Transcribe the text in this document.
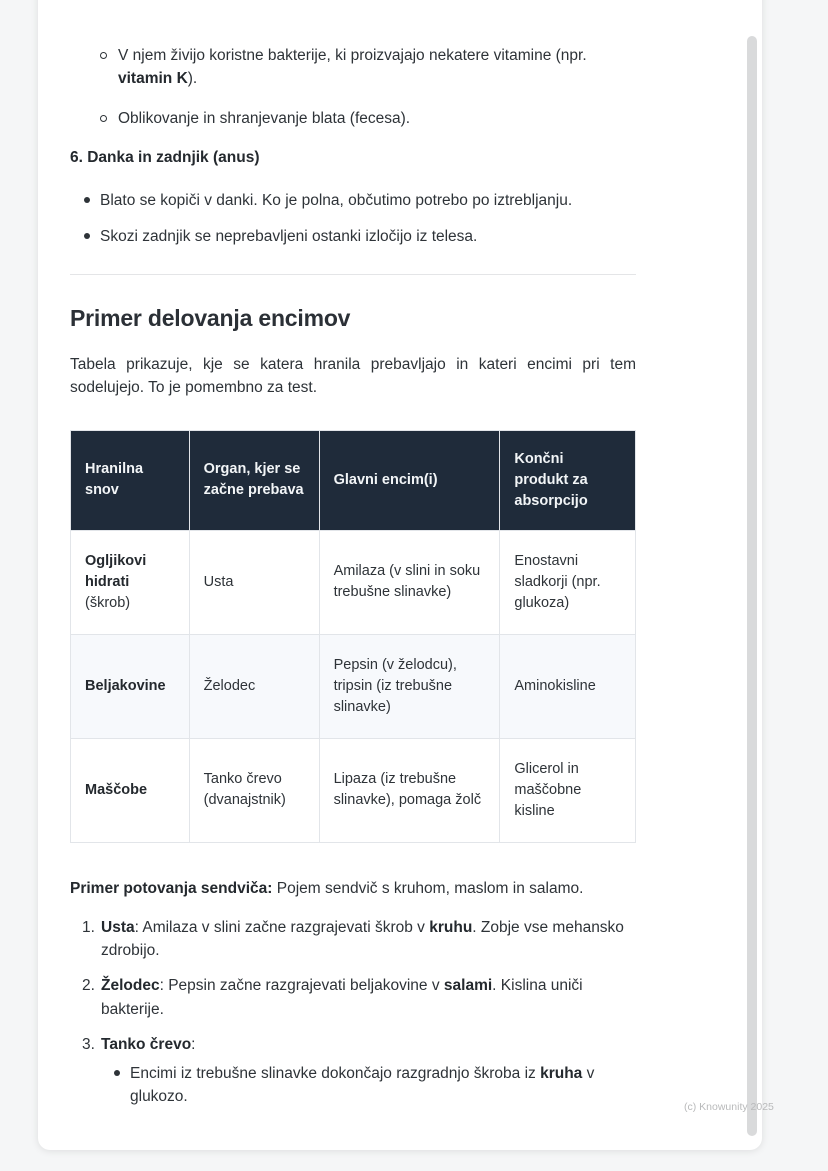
V njem živijo koristne bakterije, ki proizvajajo nekatere vitamine (npr. vitamin K).
Oblikovanje in shranjevanje blata (fecesa).
6. Danka in zadnjik (anus)
Blato se kopiči v danki. Ko je polna, občutimo potrebo po iztrebljanju.
Skozi zadnjik se neprebavljeni ostanki izločijo iz telesa.
Primer delovanja encimov

Tabela prikazuje, kje se katera hranila prebavljajo in kateri encimi pri tem sodelujejo. To je pomembno za test.

Hranilna snov	Organ, kjer se začne prebava	Glavni encim(i)	Končni produkt za absorpcijo
Ogljikovi hidrati (škrob)	Usta	Amilaza (v slini in soku trebušne slinavke)	Enostavni sladkorji (npr. glukoza)
Beljakovine	Želodec	Pepsin (v želodcu), tripsin (iz trebušne slinavke)	Aminokisline
Maščobe	Tanko črevo (dvanajstnik)	Lipaza (iz trebušne slinavke), pomaga žolč	Glicerol in maščobne kisline

Primer potovanja sendviča: Pojem sendvič s kruhom, maslom in salamo.

Usta: Amilaza v slini začne razgrajevati škrob v kruhu. Zobje vse mehansko zdrobijo.
Želodec: Pepsin začne razgrajevati beljakovine v salami. Kislina uniči bakterije.
Tanko črevo:
Encimi iz trebušne slinavke dokončajo razgradnjo škroba iz kruha v glukozo.
(c) Knowunity 2025
